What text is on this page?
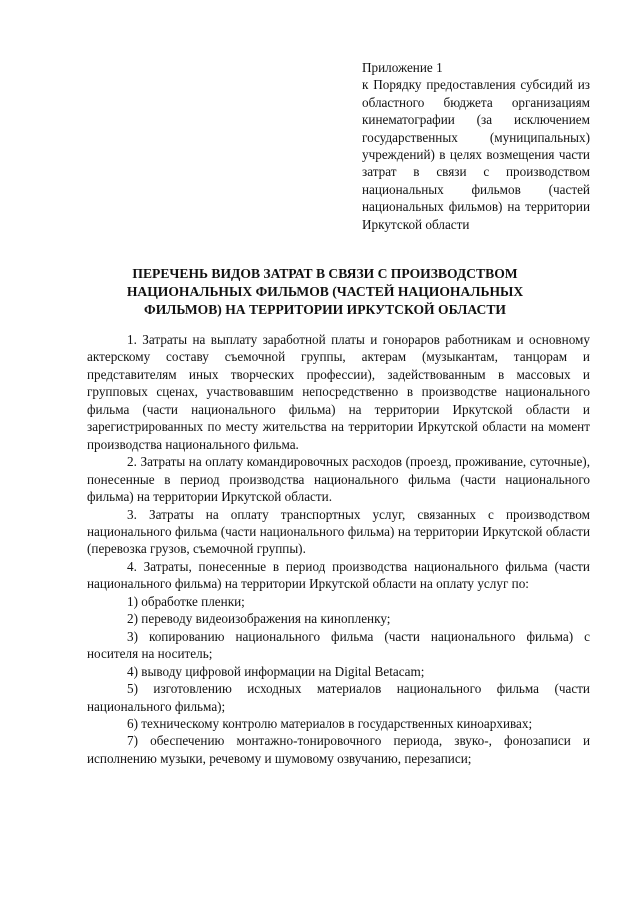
Приложение 1
к Порядку предоставления субсидий из областного бюджета организациям кинематографии (за исключением государственных (муниципальных) учреждений) в целях возмещения части затрат в связи с производством национальных фильмов (частей национальных фильмов) на территории Иркутской области
ПЕРЕЧЕНЬ ВИДОВ ЗАТРАТ В СВЯЗИ С ПРОИЗВОДСТВОМ НАЦИОНАЛЬНЫХ ФИЛЬМОВ (ЧАСТЕЙ НАЦИОНАЛЬНЫХ ФИЛЬМОВ) НА ТЕРРИТОРИИ ИРКУТСКОЙ ОБЛАСТИ

1. Затраты на выплату заработной платы и гонораров работникам и основному актерскому составу съемочной группы, актерам (музыкантам, танцорам и представителям иных творческих профессии), задействованным в массовых и групповых сценах, участвовавшим непосредственно в производстве национального фильма (части национального фильма) на территории Иркутской области и зарегистрированных по месту жительства на территории Иркутской области на момент производства национального фильма.

2. Затраты на оплату командировочных расходов (проезд, проживание, суточные), понесенные в период производства национального фильма (части национального фильма) на территории Иркутской области.

3. Затраты на оплату транспортных услуг, связанных с производством национального фильма (части национального фильма) на территории Иркутской области (перевозка грузов, съемочной группы).

4. Затраты, понесенные в период производства национального фильма (части национального фильма) на территории Иркутской области на оплату услуг по:

1) обработке пленки;

2) переводу видеоизображения на кинопленку;

3) копированию национального фильма (части национального фильма) с носителя на носитель;

4) выводу цифровой информации на Digital Betacam;

5) изготовлению исходных материалов национального фильма (части национального фильма);

6) техническому контролю материалов в государственных киноархивах;

7) обеспечению монтажно-тонировочного периода, звуко-, фонозаписи и исполнению музыки, речевому и шумовому озвучанию, перезаписи;
